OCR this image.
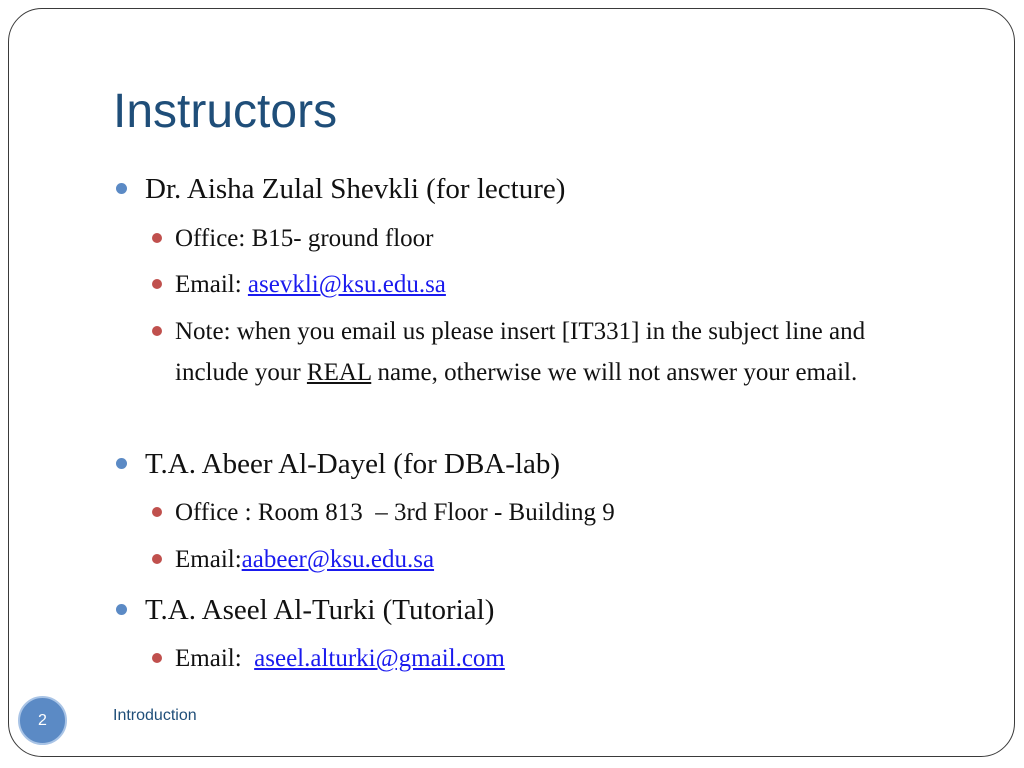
Instructors
Dr. Aisha Zulal Shevkli (for lecture)
Office: B15- ground floor
Email: asevkli@ksu.edu.sa
Note: when you email us please insert [IT331] in the subject line and include your REAL name, otherwise we will not answer your email.
T.A. Abeer Al-Dayel (for DBA-lab)
Office : Room 813  – 3rd Floor - Building 9
Email:aabeer@ksu.edu.sa
T.A. Aseel Al-Turki (Tutorial)
Email:  aseel.alturki@gmail.com
2	Introduction
